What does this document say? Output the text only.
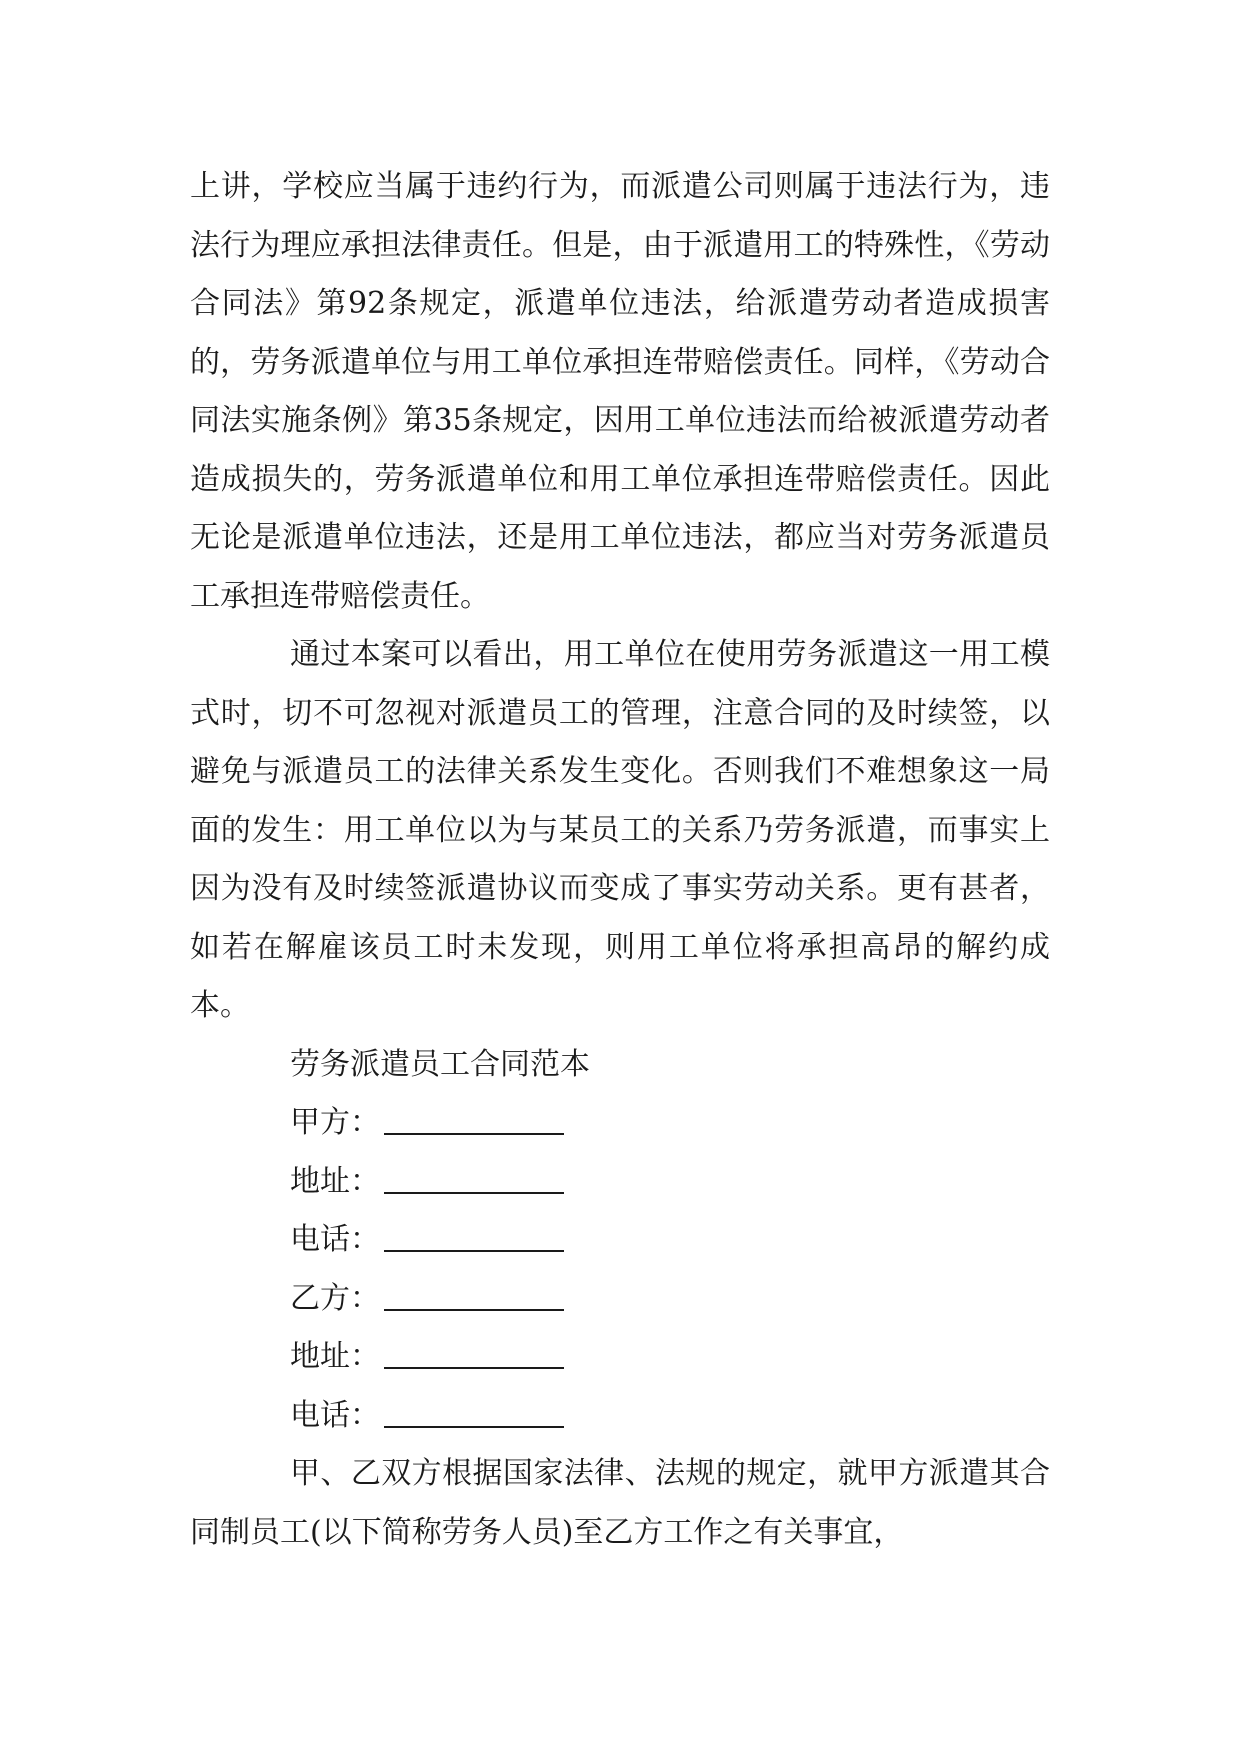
上讲，学校应当属于违约行为，而派遣公司则属于违法行为，违法行为理应承担法律责任。但是，由于派遣用工的特殊性，《劳动合同法》第92条规定，派遣单位违法，给派遣劳动者造成损害的，劳务派遣单位与用工单位承担连带赔偿责任。同样，《劳动合同法实施条例》第35条规定，因用工单位违法而给被派遣劳动者造成损失的，劳务派遣单位和用工单位承担连带赔偿责任。因此无论是派遣单位违法，还是用工单位违法，都应当对劳务派遣员工承担连带赔偿责任。

通过本案可以看出，用工单位在使用劳务派遣这一用工模式时，切不可忽视对派遣员工的管理，注意合同的及时续签，以避免与派遣员工的法律关系发生变化。否则我们不难想象这一局面的发生：用工单位以为与某员工的关系乃劳务派遣，而事实上因为没有及时续签派遣协议而变成了事实劳动关系。更有甚者，如若在解雇该员工时未发现，则用工单位将承担高昂的解约成本。

劳务派遣员工合同范本

甲方：

地址：

电话：

乙方：

地址：

电话：

甲、乙双方根据国家法律、法规的规定，就甲方派遣其合同制员工(以下简称劳务人员)至乙方工作之有关事宜，
